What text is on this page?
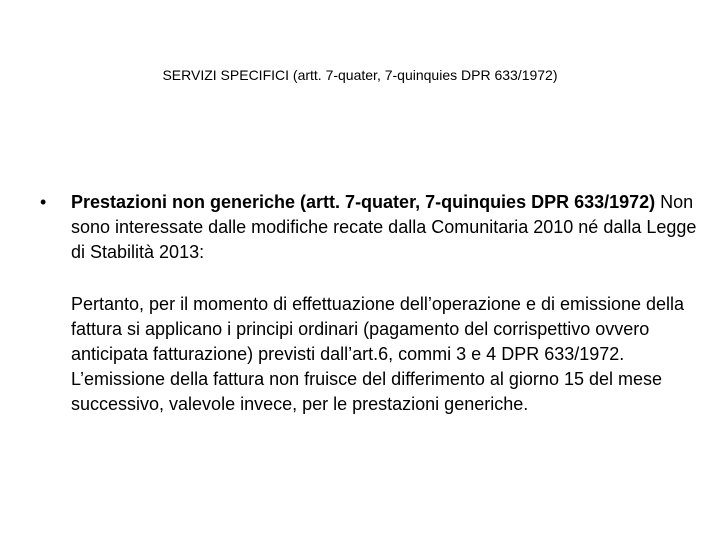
SERVIZI SPECIFICI (artt. 7-quater, 7-quinquies DPR 633/1972)
•	Prestazioni non generiche (artt. 7-quater, 7-quinquies DPR 633/1972) Non sono interessate dalle modifiche recate dalla Comunitaria 2010 né dalla Legge di Stabilità 2013:
Pertanto, per il momento di effettuazione dell’operazione e di emissione della fattura si applicano i principi ordinari (pagamento del corrispettivo ovvero anticipata fatturazione) previsti dall’art.6, commi 3 e 4 DPR 633/1972.
L’emissione della fattura non fruisce del differimento al giorno 15 del mese successivo, valevole invece, per le prestazioni generiche.
